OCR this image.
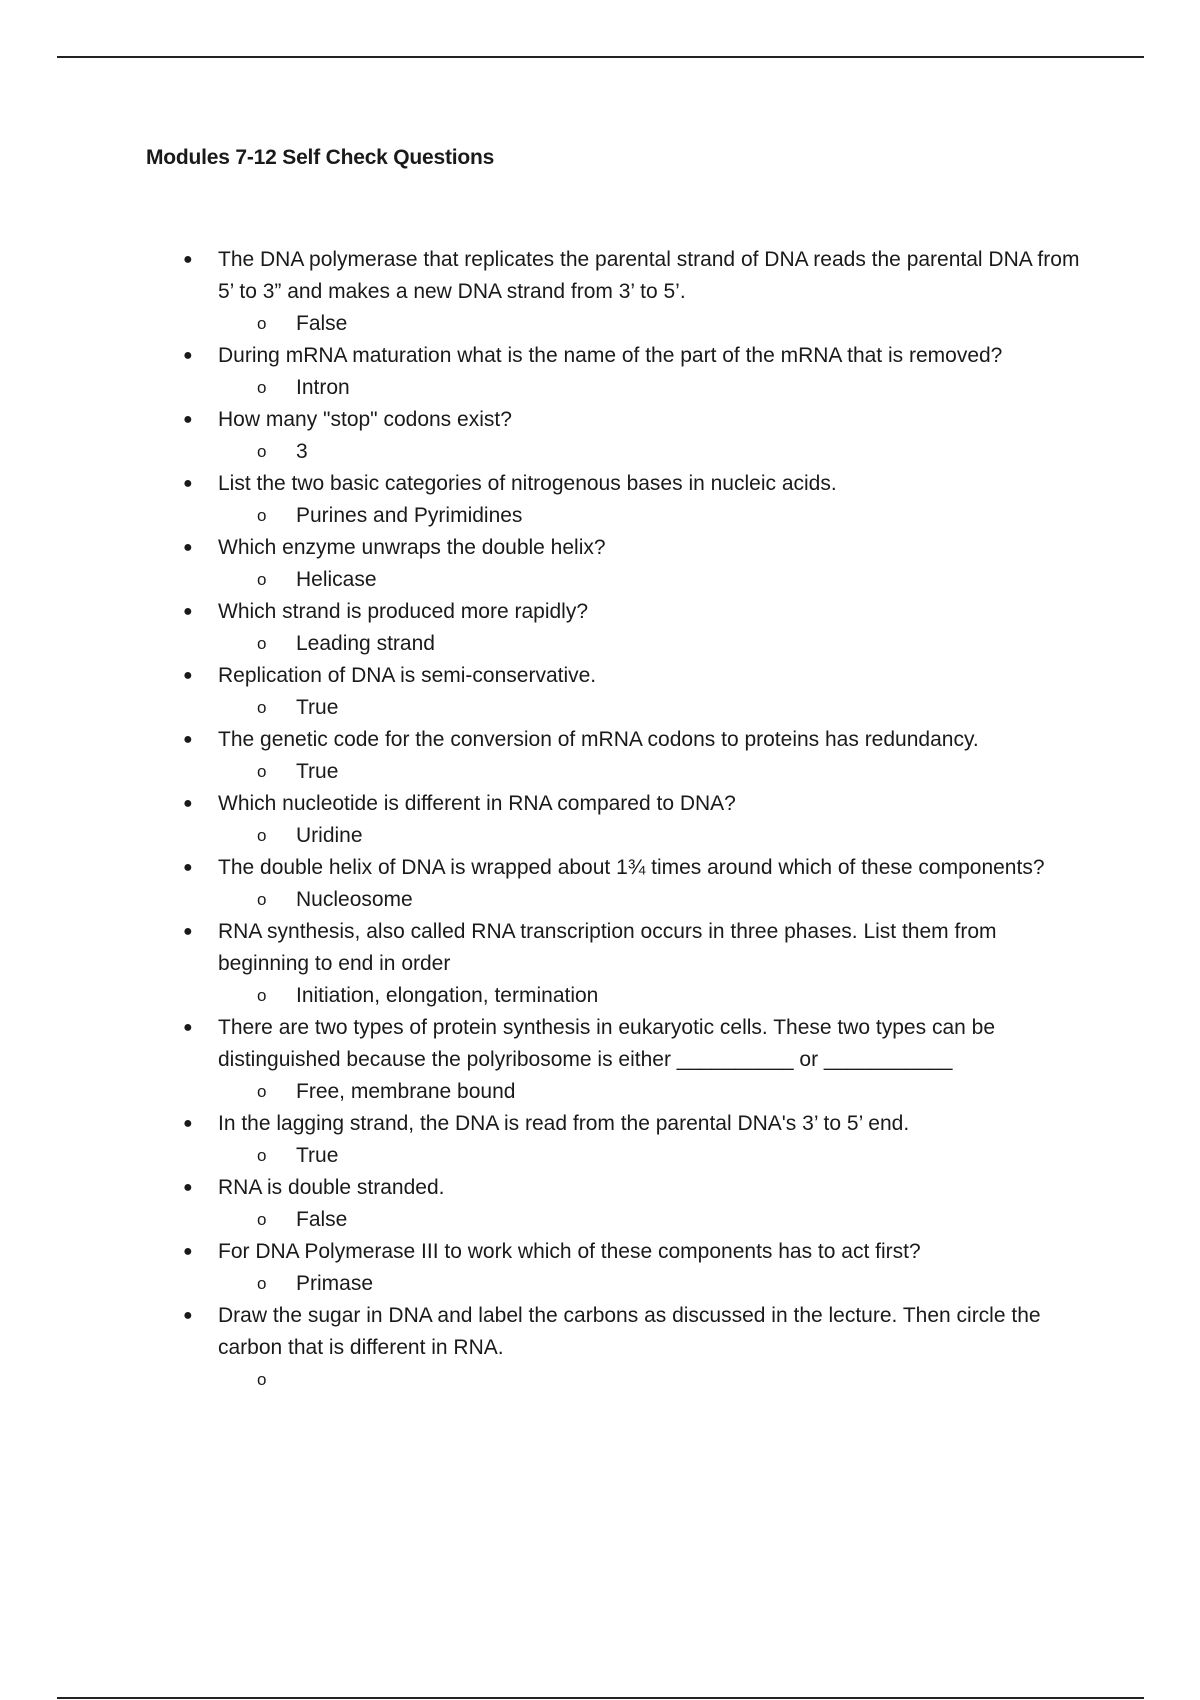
Modules 7-12 Self Check Questions
● The DNA polymerase that replicates the parental strand of DNA reads the parental DNA from 5’ to 3” and makes a new DNA strand from 3’ to 5’.
o False
● During mRNA maturation what is the name of the part of the mRNA that is removed?
o Intron
● How many "stop" codons exist?
o 3
● List the two basic categories of nitrogenous bases in nucleic acids.
o Purines and Pyrimidines
● Which enzyme unwraps the double helix?
o Helicase
● Which strand is produced more rapidly?
o Leading strand
● Replication of DNA is semi-conservative.
o True
● The genetic code for the conversion of mRNA codons to proteins has redundancy.
o True
● Which nucleotide is different in RNA compared to DNA?
o Uridine
● The double helix of DNA is wrapped about 1¾ times around which of these components?
o Nucleosome
● RNA synthesis, also called RNA transcription occurs in three phases. List them from beginning to end in order
o Initiation, elongation, termination
● There are two types of protein synthesis in eukaryotic cells. These two types can be distinguished because the polyribosome is either __________ or ___________
o Free, membrane bound
● In the lagging strand, the DNA is read from the parental DNA's 3’ to 5’ end.
o True
● RNA is double stranded.
o False
● For DNA Polymerase III to work which of these components has to act first?
o Primase
● Draw the sugar in DNA and label the carbons as discussed in the lecture. Then circle the carbon that is different in RNA.
o
